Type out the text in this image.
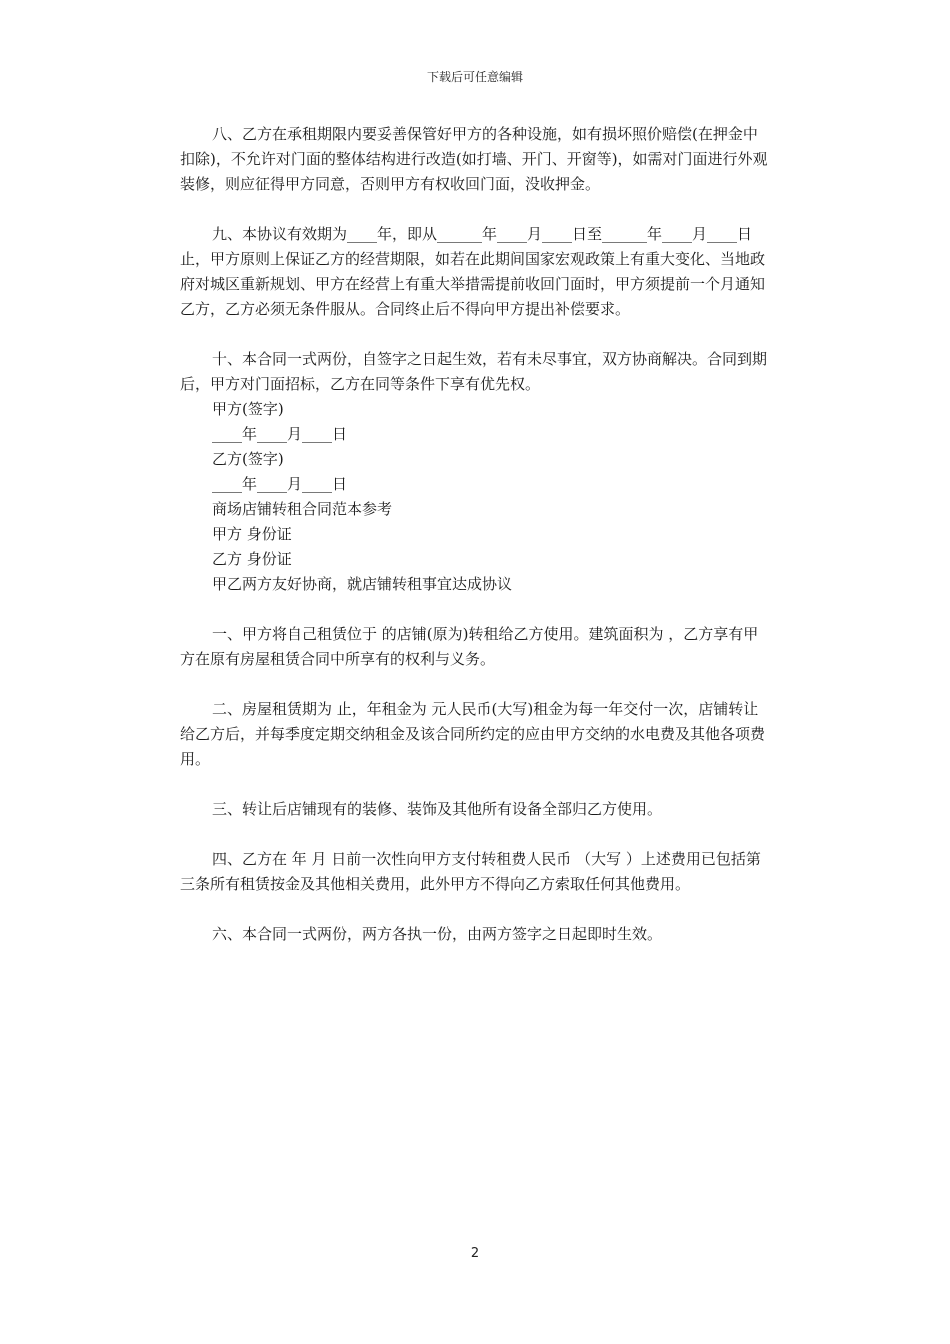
下载后可任意编辑

八、乙方在承租期限内要妥善保管好甲方的各种设施，如有损坏照价赔偿(在押金中扣除)，不允许对门面的整体结构进行改造(如打墙、开门、开窗等)，如需对门面进行外观装修，则应征得甲方同意，否则甲方有权收回门面，没收押金。

九、本协议有效期为____年，即从______年____月____日至______年____月____日止，甲方原则上保证乙方的经营期限，如若在此期间国家宏观政策上有重大变化、当地政府对城区重新规划、甲方在经营上有重大举措需提前收回门面时，甲方须提前一个月通知乙方，乙方必须无条件服从。合同终止后不得向甲方提出补偿要求。

十、本合同一式两份，自签字之日起生效，若有未尽事宜，双方协商解决。合同到期后，甲方对门面招标，乙方在同等条件下享有优先权。

甲方(签字)

____年____月____日

乙方(签字)

____年____月____日

商场店铺转租合同范本参考

甲方 身份证

乙方 身份证

甲乙两方友好协商，就店铺转租事宜达成协议

一、甲方将自己租赁位于 的店铺(原为)转租给乙方使用。建筑面积为 ，乙方享有甲方在原有房屋租赁合同中所享有的权利与义务。

二、房屋租赁期为 止，年租金为 元人民币(大写)租金为每一年交付一次，店铺转让给乙方后，并每季度定期交纳租金及该合同所约定的应由甲方交纳的水电费及其他各项费用。

三、转让后店铺现有的装修、装饰及其他所有设备全部归乙方使用。

四、乙方在 年 月 日前一次性向甲方支付转租费人民币 （大写 ）上述费用已包括第三条所有租赁按金及其他相关费用，此外甲方不得向乙方索取任何其他费用。

六、本合同一式两份，两方各执一份，由两方签字之日起即时生效。

2
